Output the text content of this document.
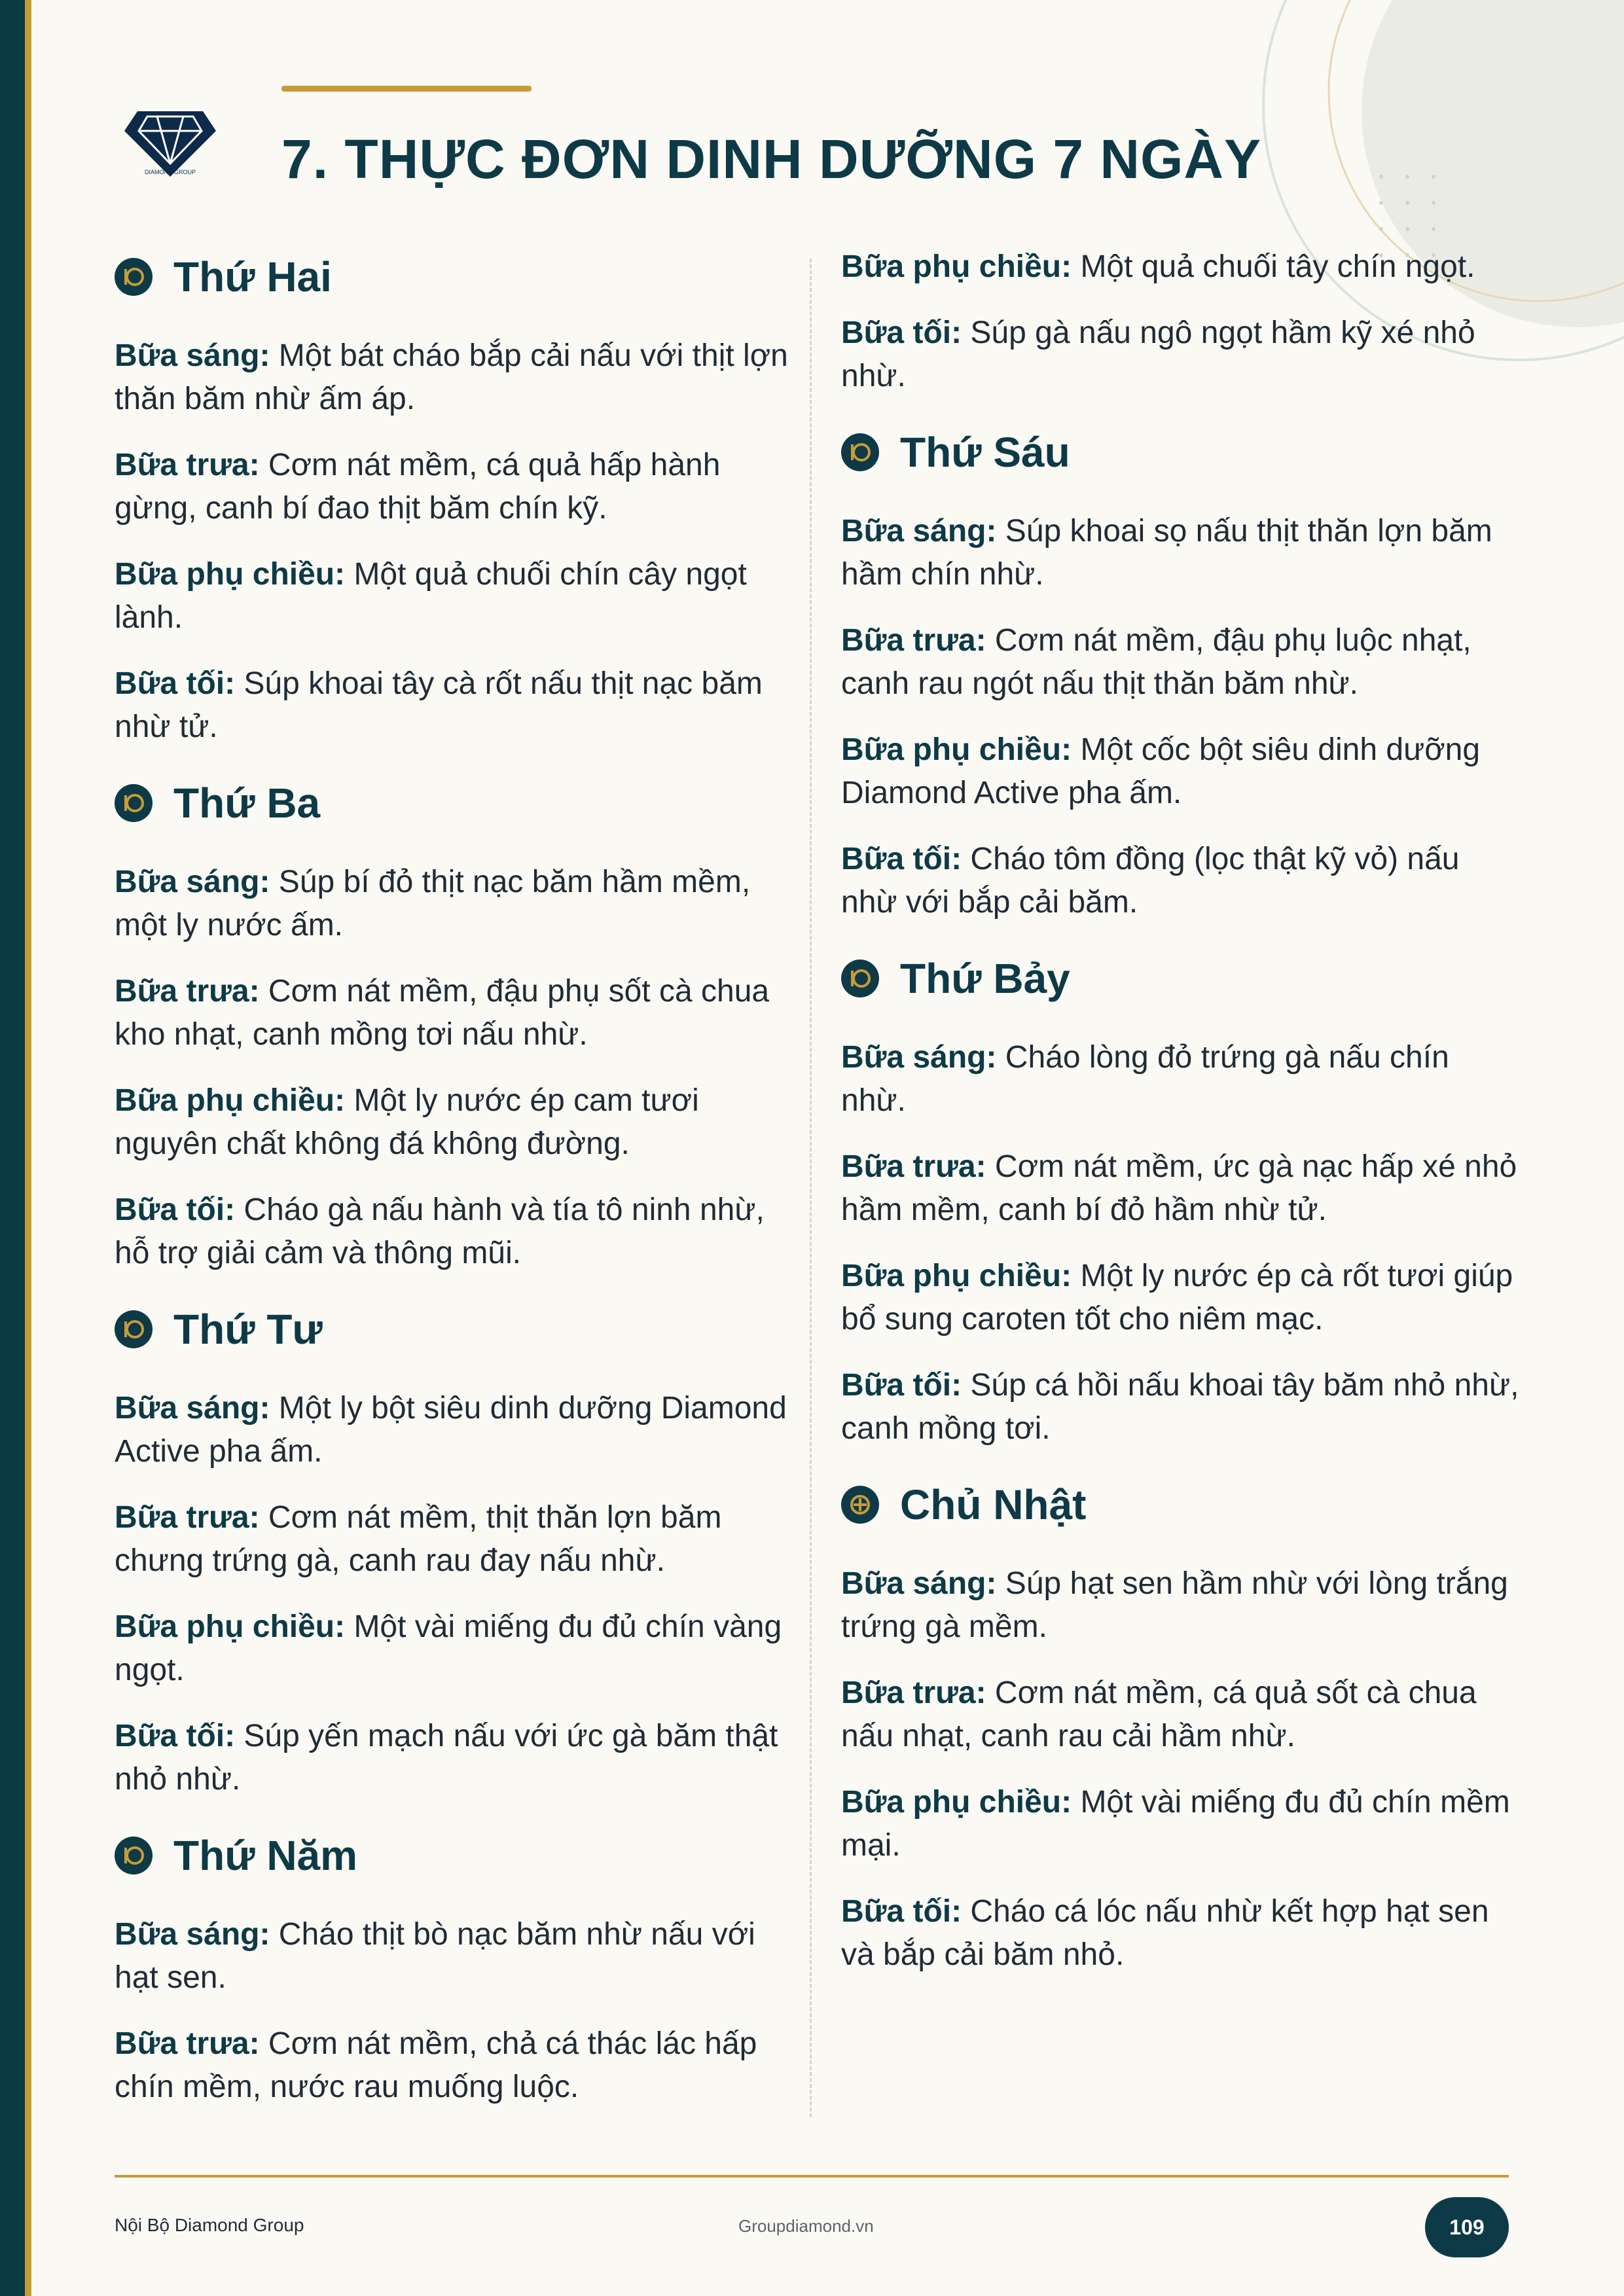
DIAMOND GROUP	7. THỰC ĐƠN DINH DƯỠNG 7 NGÀY
Thứ Hai

Bữa sáng: Một bát cháo bắp cải nấu với thịt lợn thăn băm nhừ ấm áp.

Bữa trưa: Cơm nát mềm, cá quả hấp hành gừng, canh bí đao thịt băm chín kỹ.

Bữa phụ chiều: Một quả chuối chín cây ngọt lành.

Bữa tối: Súp khoai tây cà rốt nấu thịt nạc băm nhừ tử.

Thứ Ba

Bữa sáng: Súp bí đỏ thịt nạc băm hầm mềm, một ly nước ấm.

Bữa trưa: Cơm nát mềm, đậu phụ sốt cà chua kho nhạt, canh mồng tơi nấu nhừ.

Bữa phụ chiều: Một ly nước ép cam tươi nguyên chất không đá không đường.

Bữa tối: Cháo gà nấu hành và tía tô ninh nhừ, hỗ trợ giải cảm và thông mũi.

Thứ Tư

Bữa sáng: Một ly bột siêu dinh dưỡng Diamond Active pha ấm.

Bữa trưa: Cơm nát mềm, thịt thăn lợn băm chưng trứng gà, canh rau đay nấu nhừ.

Bữa phụ chiều: Một vài miếng đu đủ chín vàng ngọt.

Bữa tối: Súp yến mạch nấu với ức gà băm thật nhỏ nhừ.

Thứ Năm

Bữa sáng: Cháo thịt bò nạc băm nhừ nấu với hạt sen.

Bữa trưa: Cơm nát mềm, chả cá thác lác hấp chín mềm, nước rau muống luộc.

Bữa phụ chiều: Một quả chuối tây chín ngọt.

Bữa tối: Súp gà nấu ngô ngọt hầm kỹ xé nhỏ nhừ.

Thứ Sáu

Bữa sáng: Súp khoai sọ nấu thịt thăn lợn băm hầm chín nhừ.

Bữa trưa: Cơm nát mềm, đậu phụ luộc nhạt, canh rau ngót nấu thịt thăn băm nhừ.

Bữa phụ chiều: Một cốc bột siêu dinh dưỡng Diamond Active pha ấm.

Bữa tối: Cháo tôm đồng (lọc thật kỹ vỏ) nấu nhừ với bắp cải băm.

Thứ Bảy

Bữa sáng: Cháo lòng đỏ trứng gà nấu chín nhừ.

Bữa trưa: Cơm nát mềm, ức gà nạc hấp xé nhỏ hầm mềm, canh bí đỏ hầm nhừ tử.

Bữa phụ chiều: Một ly nước ép cà rốt tươi giúp bổ sung caroten tốt cho niêm mạc.

Bữa tối: Súp cá hồi nấu khoai tây băm nhỏ nhừ, canh mồng tơi.

Chủ Nhật

Bữa sáng: Súp hạt sen hầm nhừ với lòng trắng trứng gà mềm.

Bữa trưa: Cơm nát mềm, cá quả sốt cà chua nấu nhạt, canh rau cải hầm nhừ.

Bữa phụ chiều: Một vài miếng đu đủ chín mềm mại.

Bữa tối: Cháo cá lóc nấu nhừ kết hợp hạt sen và bắp cải băm nhỏ.

Nội Bộ Diamond Group	Groupdiamond.vn	109
